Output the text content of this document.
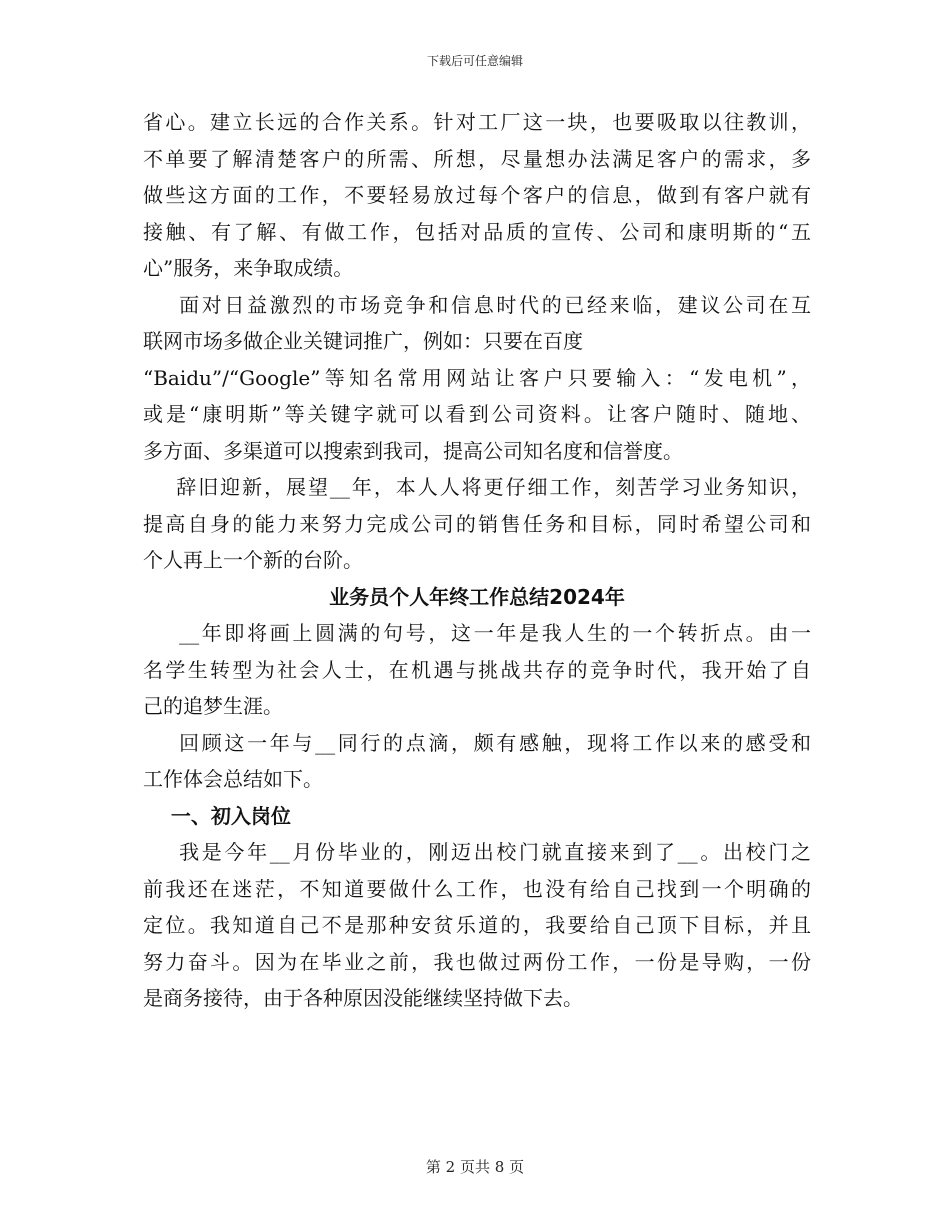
下载后可任意编辑
省心。建立长远的合作关系。针对工厂这一块，也要吸取以往教训，
不单要了解清楚客户的所需、所想，尽量想办法满足客户的需求，多
做些这方面的工作，不要轻易放过每个客户的信息，做到有客户就有
接触、有了解、有做工作，包括对品质的宣传、公司和康明斯的“五
心”服务，来争取成绩。
面对日益激烈的市场竞争和信息时代的已经来临，建议公司在互
联网市场多做企业关键词推广，例如：只要在百度
“Baidu”/“Google”等知名常用网站让客户只要输入：“发电机”，
或是“康明斯”等关键字就可以看到公司资料。让客户随时、随地、
多方面、多渠道可以搜索到我司，提高公司知名度和信誉度。
辞旧迎新，展望__年，本人人将更仔细工作，刻苦学习业务知识，
提高自身的能力来努力完成公司的销售任务和目标，同时希望公司和
个人再上一个新的台阶。
业务员个人年终工作总结2024年
__年即将画上圆满的句号，这一年是我人生的一个转折点。由一
名学生转型为社会人士，在机遇与挑战共存的竞争时代，我开始了自
己的追梦生涯。
回顾这一年与__同行的点滴，颇有感触，现将工作以来的感受和
工作体会总结如下。
一、初入岗位
我是今年__月份毕业的，刚迈出校门就直接来到了__。出校门之
前我还在迷茫，不知道要做什么工作，也没有给自己找到一个明确的
定位。我知道自己不是那种安贫乐道的，我要给自己顶下目标，并且
努力奋斗。因为在毕业之前，我也做过两份工作，一份是导购，一份
是商务接待，由于各种原因没能继续坚持做下去。
第 2 页共 8 页
